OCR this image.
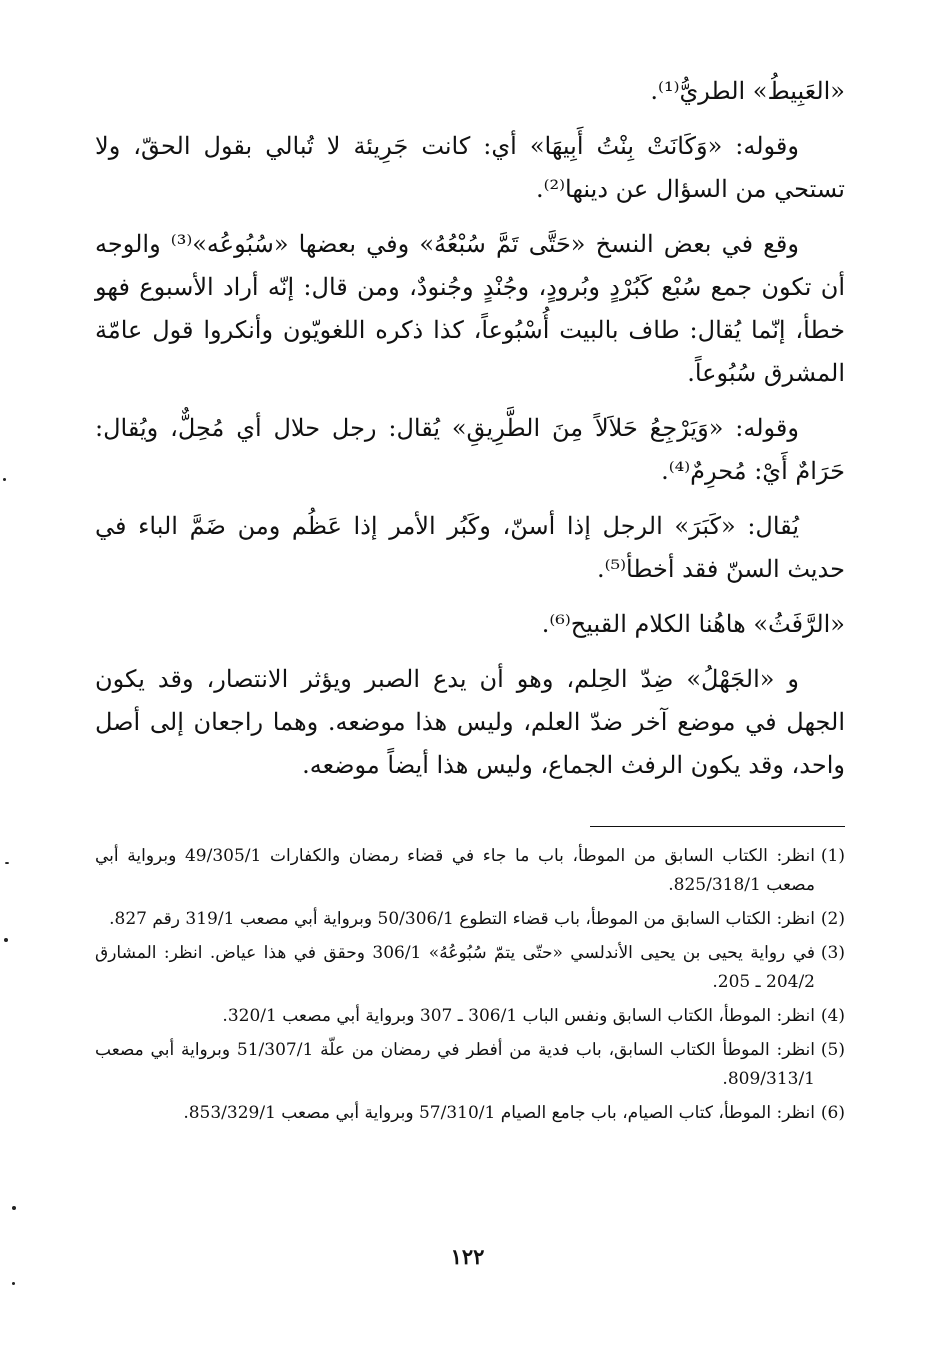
«العَبِيطُ» الطريُّ⁽¹⁾.

وقوله: «وَكَانَتْ بِنْتُ أَبِيهَا» أي: كانت جَرِيئة لا تُبالي بقول الحقّ، ولا تستحي من السؤال عن دينها⁽²⁾.

وقع في بعض النسخ «حَتَّى تَمَّ سُبْعُهُ» وفي بعضها «سُبُوعُه»⁽³⁾ والوجه أن تكون جمع سُبْع كَبُرْدٍ وبُرودٍ، وجُنْدٍ وجُنودٌ، ومن قال: إنّه أراد الأسبوع فهو خطأ، إنّما يُقال: طاف بالبيت أُسْبُوعاً، كذا ذكره اللغويّون وأنكروا قول عامّة المشرق سُبُوعاً.

وقوله: «وَيَرْجِعُ حَلاَلاً مِنَ الطَّرِيقِ» يُقال: رجل حلال أي مُحِلٌّ، ويُقال: حَرَامٌ أَيْ: مُحرِمٌ⁽⁴⁾.

يُقال: «كَبَرَ» الرجل إذا أسنّ، وكَبُر الأمر إذا عَظُم ومن ضَمَّ الباء في حديث السنّ فقد أخطأ⁽⁵⁾.

«الرَّفَثُ» هاهُنا الكلام القبيح⁽⁶⁾.

و «الجَهْلُ» ضِدّ الحِلم، وهو أن يدع الصبر ويؤثر الانتصار، وقد يكون الجهل في موضع آخر ضدّ العلم، وليس هذا موضعه. وهما راجعان إلى أصل واحد، وقد يكون الرفث الجماع، وليس هذا أيضاً موضعه.

(1)
انظر: الكتاب السابق من الموطأ، باب ما جاء في قضاء رمضان والكفارات 49/305/1 وبرواية أبي مصعب 825/318/1.
(2)
انظر: الكتاب السابق من الموطأ، باب قضاء التطوع 50/306/1 وبرواية أبي مصعب 319/1 رقم 827.
(3)
في رواية يحيى بن يحيى الأندلسي «حتّى يتمّ سُبُوعُهُ» 306/1 وحقق في هذا عياض. انظر: المشارق 204/2 ـ 205.
(4)
انظر: الموطأ، الكتاب السابق ونفس الباب 306/1 ـ 307 وبرواية أبي مصعب 320/1.
(5)
انظر: الموطأ الكتاب السابق، باب فدية من أفطر في رمضان من علّة 51/307/1 وبرواية أبي مصعب 809/313/1.
(6)
انظر: الموطأ، كتاب الصيام، باب جامع الصيام 57/310/1 وبرواية أبي مصعب 853/329/1.
١٢٢
